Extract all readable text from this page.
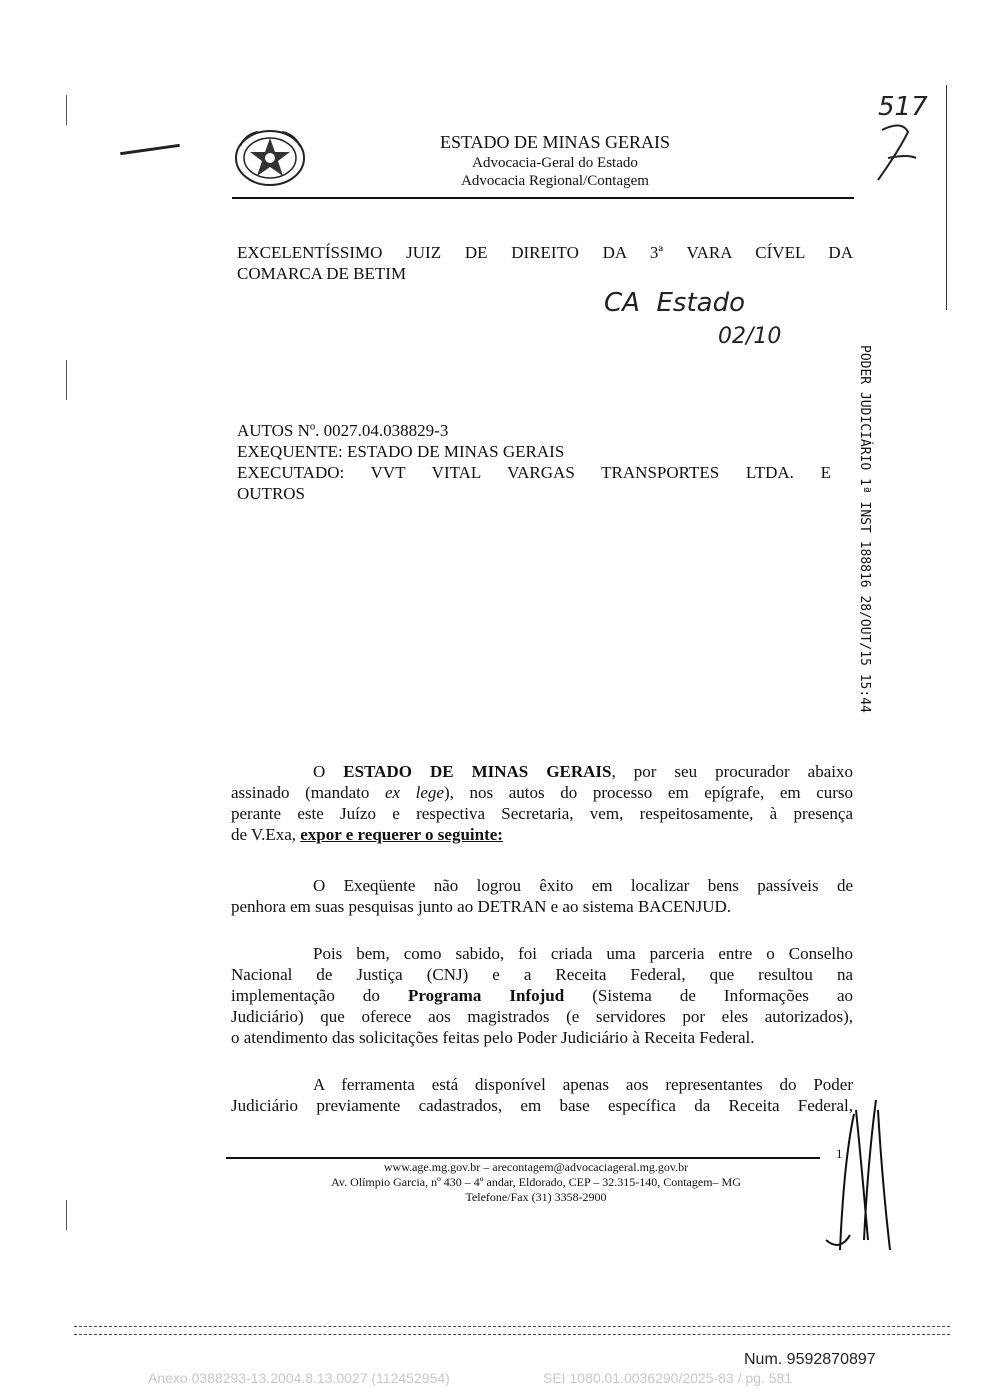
ESTADO DE MINAS GERAIS
Advocacia-Geral do Estado
Advocacia Regional/Contagem
517
EXCELENTÍSSIMO JUIZ DE DIREITO DA 3ª VARA CÍVEL DA
COMARCA DE BETIM
CA  Estado
02/10
PODER JUDICIÁRIO 1ª INST 188816 28/OUT/15 15:44
AUTOS Nº. 0027.04.038829-3
EXEQUENTE: ESTADO DE MINAS GERAIS
EXECUTADO: VVT VITAL VARGAS TRANSPORTES LTDA. E
OUTROS
O ESTADO DE MINAS GERAIS, por seu procurador abaixo
assinado (mandato ex lege), nos autos do processo em epígrafe, em curso
perante este Juízo e respectiva Secretaria, vem, respeitosamente, à presença
de V.Exa, expor e requerer o seguinte:
O Exeqüente não logrou êxito em localizar bens passíveis de
penhora em suas pesquisas junto ao DETRAN e ao sistema BACENJUD.
Pois bem, como sabido, foi criada uma parceria entre o Conselho
Nacional de Justiça (CNJ) e a Receita Federal, que resultou na
implementação do Programa Infojud (Sistema de Informações ao
Judiciário) que oferece aos magistrados (e servidores por eles autorizados),
o atendimento das solicitações feitas pelo Poder Judiciário à Receita Federal.
A ferramenta está disponível apenas aos representantes do Poder
Judiciário previamente cadastrados, em base específica da Receita Federal,
1
www.age.mg.gov.br – arecontagem@advocaciageral.mg.gov.br
Av. Olímpio Garcia, nº 430 – 4º andar, Eldorado, CEP – 32.315-140, Contagem– MG
Telefone/Fax (31) 3358-2900
Num. 9592870897
Anexo 0388293-13.2004.8.13.0027 (112452954)	SEI 1080.01.0036290/2025-83 / pg. 581
